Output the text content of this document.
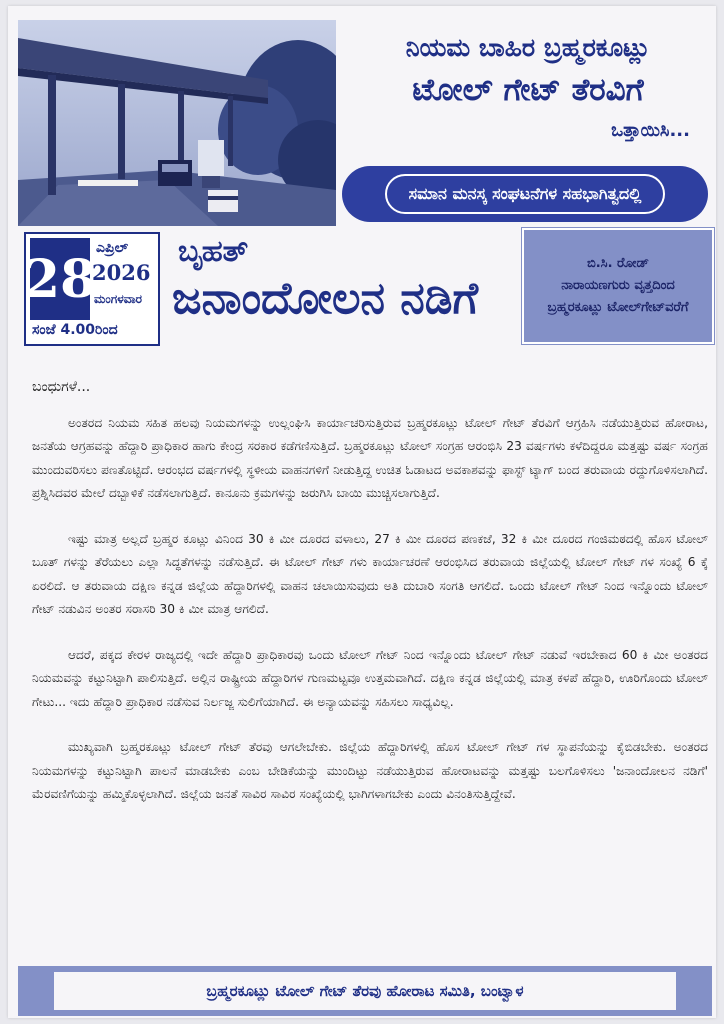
ನಿಯಮ ಬಾಹಿರ ಬ್ರಹ್ಮರಕೂಟ್ಲು
ಟೋಲ್ ಗೇಟ್ ತೆರವಿಗೆ
ಒತ್ತಾಯಿಸಿ...
ಸಮಾನ ಮನಸ್ಕ ಸಂಘಟನೆಗಳ ಸಹಭಾಗಿತ್ವದಲ್ಲಿ
28
ಎಪ್ರಿಲ್
2026
ಮಂಗಳವಾರ
ಸಂಜೆ 4.00ರಿಂದ
ಬೃಹತ್
ಜನಾಂದೋಲನ ನಡಿಗೆ
ಬಿ.ಸಿ. ರೋಡ್
ನಾರಾಯಣಗುರು ವೃತ್ತದಿಂದ
ಬ್ರಹ್ಮರಕೂಟ್ಲು ಟೋಲ್‌ಗೇಟ್‌ವರೆಗೆ
ಬಂಧುಗಳೆ...

ಅಂತರದ ನಿಯಮ ಸಹಿತ ಹಲವು ನಿಯಮಗಳನ್ನು ಉಲ್ಲಂಘಿಸಿ ಕಾರ್ಯಾಚರಿಸುತ್ತಿರುವ ಬ್ರಹ್ಮರಕೂಟ್ಲು ಟೋಲ್ ಗೇಟ್ ತೆರವಿಗೆ ಆಗ್ರಹಿಸಿ ನಡೆಯುತ್ತಿರುವ ಹೋರಾಟ, ಜನತೆಯ ಆಗ್ರಹವನ್ನು ಹೆದ್ದಾರಿ ಪ್ರಾಧಿಕಾರ ಹಾಗು ಕೇಂದ್ರ ಸರಕಾರ ಕಡೆಗಣಿಸುತ್ತಿದೆ. ಬ್ರಹ್ಮರಕೂಟ್ಲು ಟೋಲ್ ಸಂಗ್ರಹ ಆರಂಭಿಸಿ 23 ವರ್ಷಗಳು ಕಳೆದಿದ್ದರೂ ಮತ್ತಷ್ಟು ವರ್ಷ ಸಂಗ್ರಹ ಮುಂದುವರಿಸಲು ಪಣತೊಟ್ಟಿದೆ. ಆರಂಭದ ವರ್ಷಗಳಲ್ಲಿ ಸ್ಥಳೀಯ ವಾಹನಗಳಿಗೆ ನೀಡುತ್ತಿದ್ದ ಉಚಿತ ಓಡಾಟದ ಅವಕಾಶವನ್ನು ಫಾಸ್ಟ್ ಟ್ಯಾಗ್ ಬಂದ ತರುವಾಯ ರದ್ದುಗೊಳಿಸಲಾಗಿದೆ. ಪ್ರಶ್ನಿಸಿದವರ ಮೇಲೆ ದಬ್ಬಾಳಿಕೆ ನಡೆಸಲಾಗುತ್ತಿದೆ. ಕಾನೂನು ಕ್ರಮಗಳನ್ನು ಜರುಗಿಸಿ ಬಾಯಿ ಮುಚ್ಚಿಸಲಾಗುತ್ತಿದೆ.

ಇಷ್ಟು ಮಾತ್ರ ಅಲ್ಲದೆ ಬ್ರಹ್ಮರ ಕೂಟ್ಲು ವಿನಿಂದ 30 ಕಿ ಮೀ ದೂರದ ವಳಾಲು, 27 ಕಿ ಮೀ ದೂರದ ಪಣಕಜೆ, 32 ಕಿ ಮೀ ದೂರದ ಗಂಜಿಮಠದಲ್ಲಿ ಹೊಸ ಟೋಲ್ ಬೂತ್ ಗಳನ್ನು ತೆರೆಯಲು ಎಲ್ಲಾ ಸಿದ್ಧತೆಗಳನ್ನು ನಡೆಸುತ್ತಿದೆ. ಈ ಟೋಲ್ ಗೇಟ್ ಗಳು ಕಾರ್ಯಾಚರಣೆ ಆರಂಭಿಸಿದ ತರುವಾಯ ಜಿಲ್ಲೆಯಲ್ಲಿ ಟೋಲ್ ಗೇಟ್ ಗಳ ಸಂಖ್ಯೆ 6 ಕ್ಕೆ ಏರಲಿದೆ. ಆ ತರುವಾಯ ದಕ್ಷಿಣ ಕನ್ನಡ ಜಿಲ್ಲೆಯ ಹೆದ್ದಾರಿಗಳಲ್ಲಿ ವಾಹನ ಚಲಾಯಿಸುವುದು ಅತಿ ದುಬಾರಿ ಸಂಗತಿ ಆಗಲಿದೆ. ಒಂದು ಟೋಲ್ ಗೇಟ್ ನಿಂದ ಇನ್ನೊಂದು ಟೋಲ್ ಗೇಟ್ ನಡುವಿನ ಅಂತರ ಸರಾಸರಿ 30 ಕಿ ಮೀ ಮಾತ್ರ ಆಗಲಿದೆ.

ಆದರೆ, ಪಕ್ಕದ ಕೇರಳ ರಾಜ್ಯದಲ್ಲಿ ಇದೇ ಹೆದ್ದಾರಿ ಪ್ರಾಧಿಕಾರವು ಒಂದು ಟೋಲ್ ಗೇಟ್ ನಿಂದ ಇನ್ನೊಂದು ಟೋಲ್ ಗೇಟ್ ನಡುವೆ ಇರಬೇಕಾದ 60 ಕಿ ಮೀ ಅಂತರದ ನಿಯಮವನ್ನು ಕಟ್ಟುನಿಟ್ಟಾಗಿ ಪಾಲಿಸುತ್ತಿದೆ. ಅಲ್ಲಿನ ರಾಷ್ಟ್ರೀಯ ಹೆದ್ದಾರಿಗಳ ಗುಣಮಟ್ಟವೂ ಉತ್ತಮವಾಗಿದೆ. ದಕ್ಷಿಣ ಕನ್ನಡ ಜಿಲ್ಲೆಯಲ್ಲಿ ಮಾತ್ರ ಕಳಪೆ ಹೆದ್ದಾರಿ, ಊರಿಗೊಂದು ಟೋಲ್ ಗೇಟು... ಇದು ಹೆದ್ದಾರಿ ಪ್ರಾಧಿಕಾರ ನಡೆಸುವ ನಿರ್ಲಜ್ಜ ಸುಲಿಗೆಯಾಗಿದೆ. ಈ ಅನ್ಯಾಯವನ್ನು ಸಹಿಸಲು ಸಾಧ್ಯವಿಲ್ಲ.

ಮುಖ್ಯವಾಗಿ ಬ್ರಹ್ಮರಕೂಟ್ಲು ಟೋಲ್ ಗೇಟ್ ತೆರವು ಆಗಲೇಬೇಕು. ಜಿಲ್ಲೆಯ ಹೆದ್ದಾರಿಗಳಲ್ಲಿ ಹೊಸ ಟೋಲ್ ಗೇಟ್ ಗಳ ಸ್ಥಾಪನೆಯನ್ನು ಕೈಬಿಡಬೇಕು. ಅಂತರದ ನಿಯಮಗಳನ್ನು ಕಟ್ಟುನಿಟ್ಟಾಗಿ ಪಾಲನೆ ಮಾಡಬೇಕು ಎಂಬ ಬೇಡಿಕೆಯನ್ನು ಮುಂದಿಟ್ಟು ನಡೆಯುತ್ತಿರುವ ಹೋರಾಟವನ್ನು ಮತ್ತಷ್ಟು ಬಲಗೊಳಿಸಲು 'ಜನಾಂದೋಲನ ನಡಿಗೆ' ಮೆರವಣಿಗೆಯನ್ನು ಹಮ್ಮಿಕೊಳ್ಳಲಾಗಿದೆ. ಜಿಲ್ಲೆಯ ಜನತೆ ಸಾವಿರ ಸಾವಿರ ಸಂಖ್ಯೆಯಲ್ಲಿ ಭಾಗಿಗಳಾಗಬೇಕು ಎಂದು ವಿನಂತಿಸುತ್ತಿದ್ದೇವೆ.

ಬ್ರಹ್ಮರಕೂಟ್ಲು ಟೋಲ್ ಗೇಟ್ ತೆರವು ಹೋರಾಟ ಸಮಿತಿ, ಬಂಟ್ವಾಳ
